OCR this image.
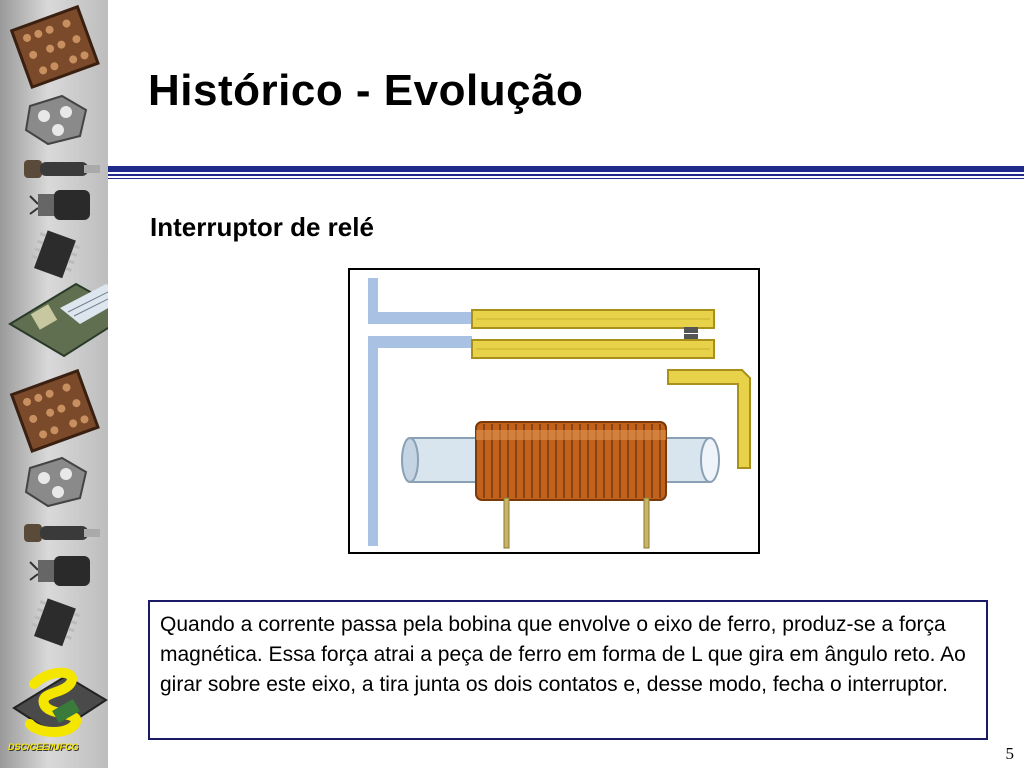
DSC/CEEI/UFCG
Histórico - Evolução
Interruptor de relé

Quando a corrente passa pela bobina que envolve o eixo de ferro, produz-se a força magnética. Essa força atrai a peça de ferro em forma de L que gira em ângulo reto. Ao girar sobre este eixo, a tira junta os dois contatos e, desse modo, fecha o interruptor.

5
